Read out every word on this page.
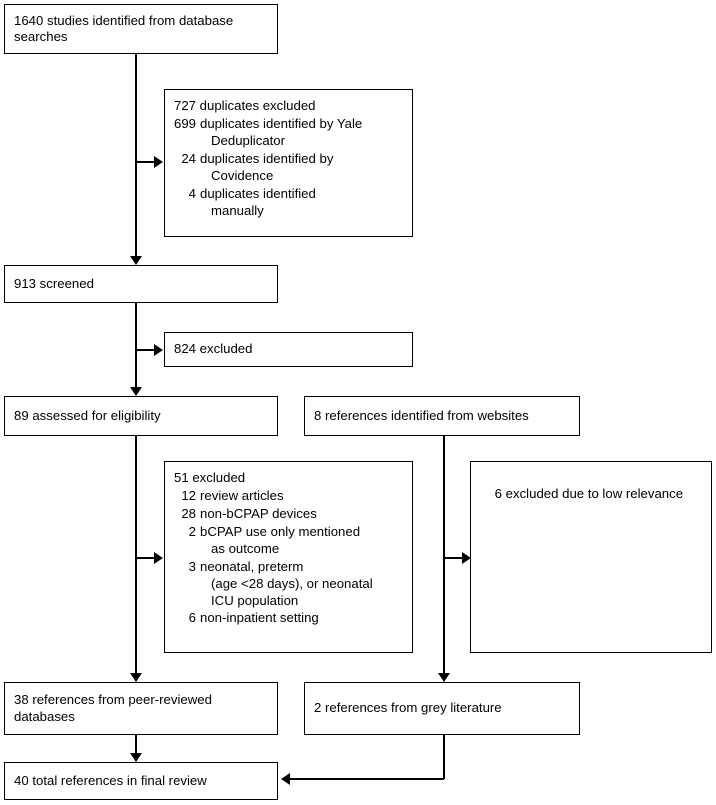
1640 studies identified from database searches
727 duplicates excluded
699 duplicates identified by Yale
Deduplicator
24 duplicates identified by
Covidence
4 duplicates identified
manually
913 screened
824 excluded
89 assessed for eligibility	8 references identified from websites
51 excluded
12 review articles
28 non-bCPAP devices
2 bCPAP use only mentioned
as outcome
3 neonatal, preterm
(age <28 days), or neonatal
ICU population
6 non-inpatient setting

6 excluded due to low relevance

38 references from peer-reviewed databases
2 references from grey literature
40 total references in final review
